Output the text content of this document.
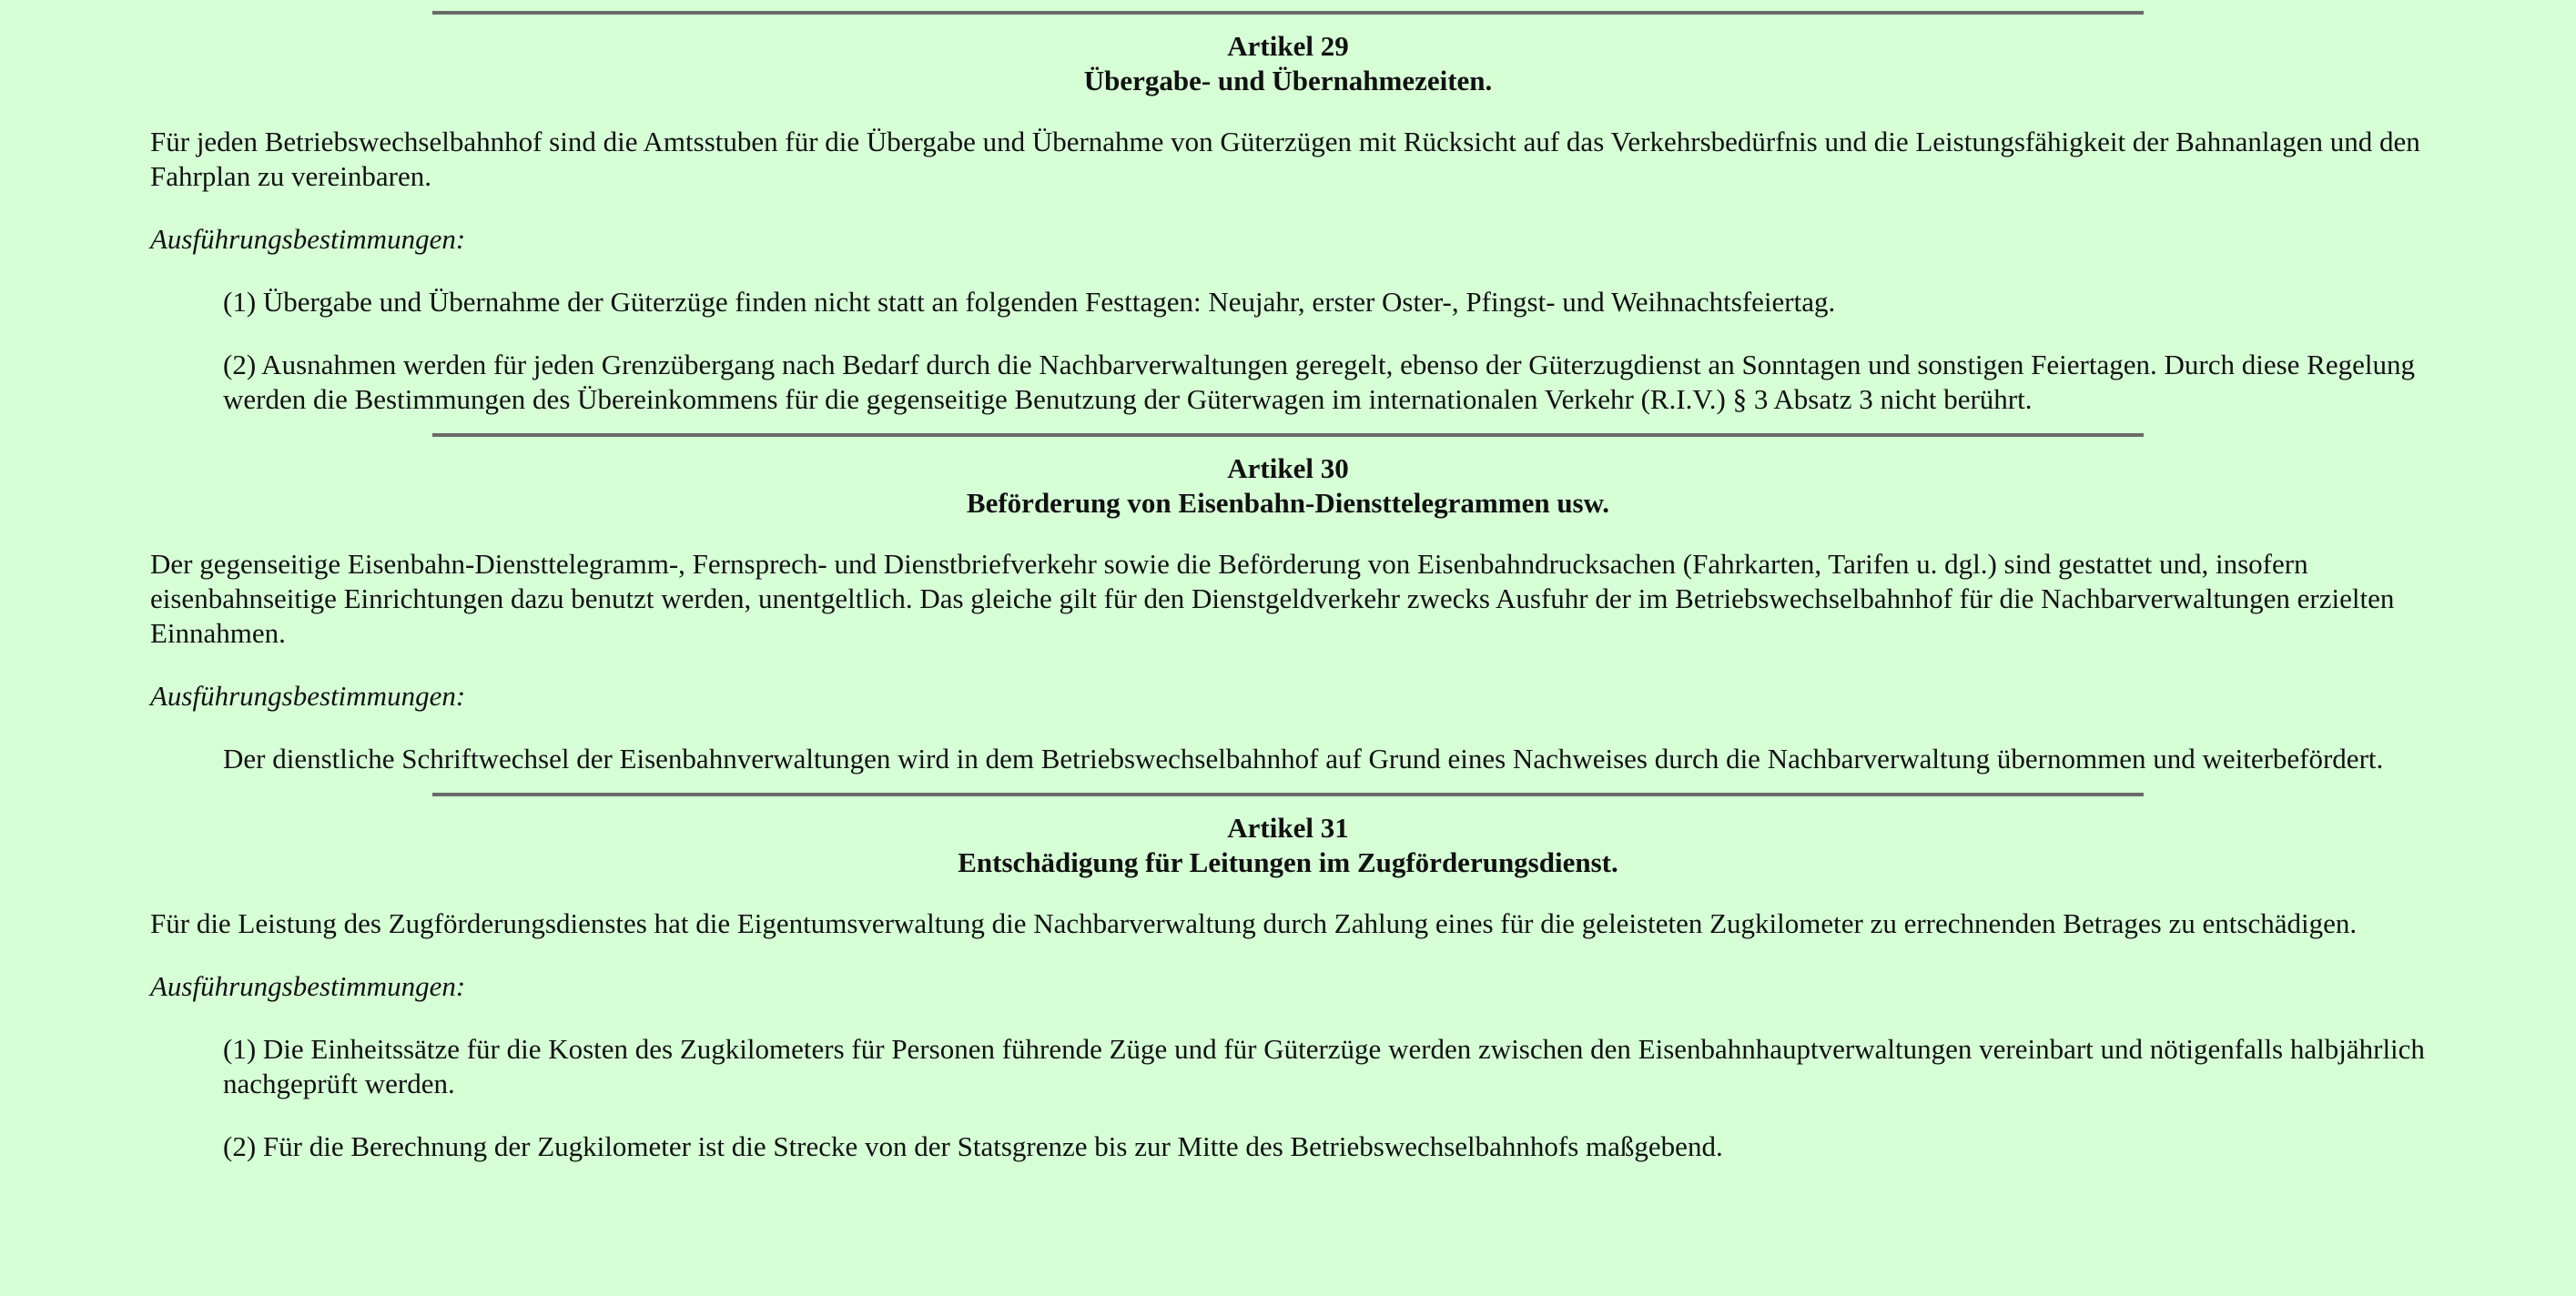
Artikel 29
Übergabe- und Übernahmezeiten.

Für jeden Betriebswechselbahnhof sind die Amtsstuben für die Übergabe und Übernahme von Güterzügen mit Rücksicht auf das Verkehrsbedürfnis und die Leistungsfähigkeit der Bahnanlagen und den Fahrplan zu vereinbaren.

Ausführungsbestimmungen:

(1) Übergabe und Übernahme der Güterzüge finden nicht statt an folgenden Festtagen: Neujahr, erster Oster-, Pfingst- und Weihnachtsfeiertag.

(2) Ausnahmen werden für jeden Grenzübergang nach Bedarf durch die Nachbarverwaltungen geregelt, ebenso der Güterzugdienst an Sonntagen und sonstigen Feiertagen. Durch diese Regelung werden die Bestimmungen des Übereinkommens für die gegenseitige Benutzung der Güterwagen im internationalen Verkehr (R.I.V.) § 3 Absatz 3 nicht berührt.

Artikel 30
Beförderung von Eisenbahn-Diensttelegrammen usw.

Der gegenseitige Eisenbahn-Diensttelegramm-, Fernsprech- und Dienstbriefverkehr sowie die Beförderung von Eisenbahndrucksachen (Fahrkarten, Tarifen u. dgl.) sind gestattet und, insofern eisenbahnseitige Einrichtungen dazu benutzt werden, unentgeltlich. Das gleiche gilt für den Dienstgeldverkehr zwecks Ausfuhr der im Betriebswechselbahnhof für die Nachbarverwaltungen erzielten Einnahmen.

Ausführungsbestimmungen:

Der dienstliche Schriftwechsel der Eisenbahnverwaltungen wird in dem Betriebswechselbahnhof auf Grund eines Nachweises durch die Nachbarverwaltung übernommen und weiterbefördert.

Artikel 31
Entschädigung für Leitungen im Zugförderungsdienst.

Für die Leistung des Zugförderungsdienstes hat die Eigentumsverwaltung die Nachbarverwaltung durch Zahlung eines für die geleisteten Zugkilometer zu errechnenden Betrages zu entschädigen.

Ausführungsbestimmungen:

(1) Die Einheitssätze für die Kosten des Zugkilometers für Personen führende Züge und für Güterzüge werden zwischen den Eisenbahnhauptverwaltungen vereinbart und nötigenfalls halbjährlich nachgeprüft werden.

(2) Für die Berechnung der Zugkilometer ist die Strecke von der Statsgrenze bis zur Mitte des Betriebswechselbahnhofs maßgebend.
